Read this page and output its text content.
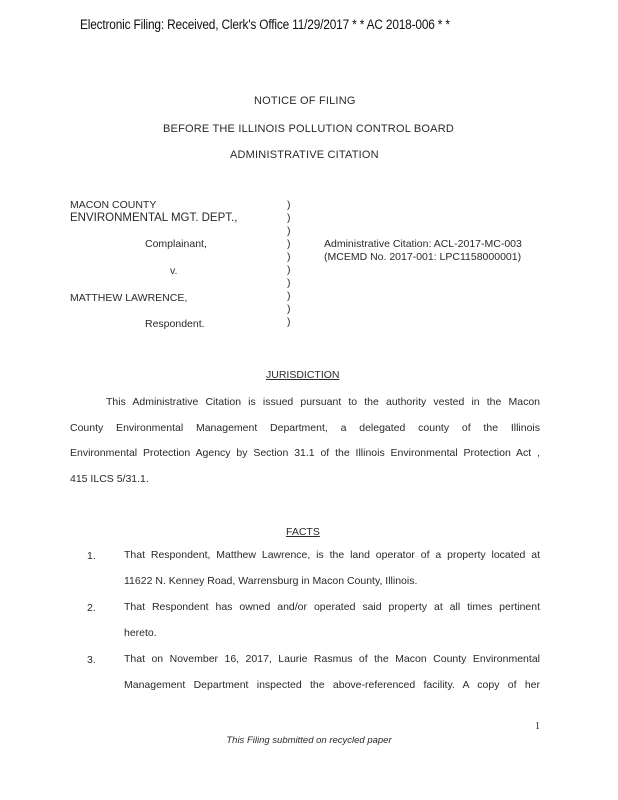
Electronic Filing: Received, Clerk's Office 11/29/2017 * * AC 2018-006 * *
NOTICE OF FILING
BEFORE THE ILLINOIS POLLUTION CONTROL BOARD
ADMINISTRATIVE CITATION
MACON COUNTY
ENVIRONMENTAL MGT. DEPT.,
Complainant,
v.
MATTHEW LAWRENCE,
Respondent.
)
)
)
)
)
)
)
)
)
)
Administrative Citation: ACL-2017-MC-003
(MCEMD No. 2017-001: LPC1158000001)
JURISDICTION
This Administrative Citation is issued pursuant to the authority vested in the Macon
County Environmental Management Department, a delegated county of the Illinois
Environmental Protection Agency by Section 31.1 of the Illinois Environmental Protection Act ,
415 ILCS 5/31.1.
FACTS
1.	That Respondent, Matthew Lawrence, is the land operator of a property located at
11622 N. Kenney Road, Warrensburg in Macon County, Illinois.
2.	That Respondent has owned and/or operated said property at all times pertinent
hereto.
3.	That on November 16, 2017, Laurie Rasmus of the Macon County Environmental
Management Department inspected the above-referenced facility. A copy of her
1
This Filing submitted on recycled paper
